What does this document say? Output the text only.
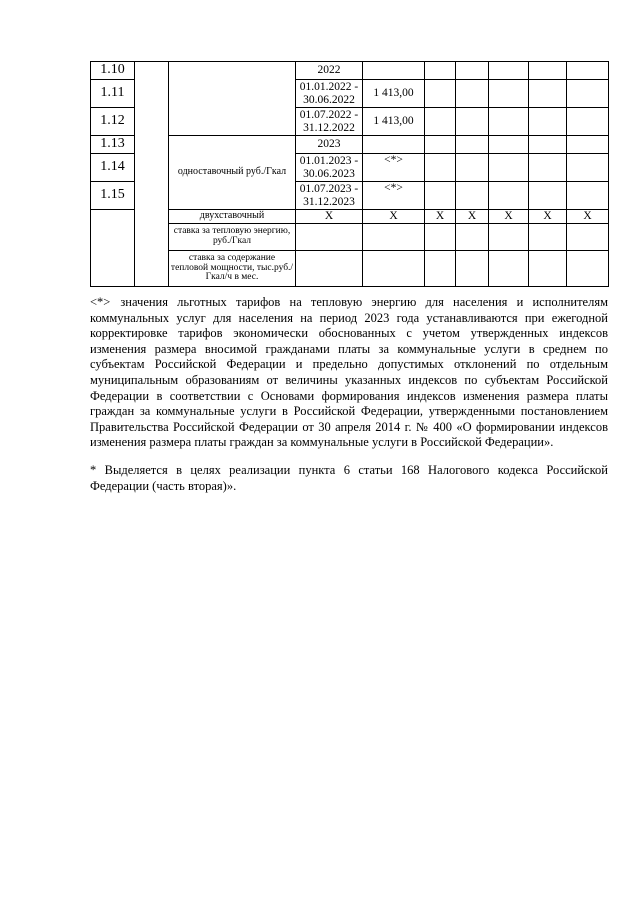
1.10			2022						
1.11			01.01.2022 - 30.06.2022	1 413,00					
1.12			01.07.2022 - 31.12.2022	1 413,00					
1.13		одноставочный руб./Гкал	2023						
1.14			01.01.2023 - 30.06.2023	<*>					
1.15			01.07.2023 - 31.12.2023	<*>					
		двухставочный	X	X	X	X	X	X	X
		ставка за тепловую энергию, руб./Гкал							
		ставка за содержание тепловой мощности, тыс.руб./Гкал/ч в мес.							

<*> значения льготных тарифов на тепловую энергию для населения и исполнителям коммунальных услуг для населения на период 2023 года устанавливаются при ежегодной корректировке тарифов экономически обоснованных с учетом утвержденных индексов изменения размера вносимой гражданами платы за коммунальные услуги в среднем по субъектам Российской Федерации и предельно допустимых отклонений по отдельным муниципальным образованиям от величины указанных индексов по субъектам Российской Федерации в соответствии с Основами формирования индексов изменения размера платы граждан за коммунальные услуги в Российской Федерации, утвержденными постановлением Правительства Российской Федерации от 30 апреля 2014 г. № 400 «О формировании индексов изменения размера платы граждан за коммунальные услуги в Российской Федерации».

* Выделяется в целях реализации пункта 6 статьи 168 Налогового кодекса Российской Федерации (часть вторая)».
